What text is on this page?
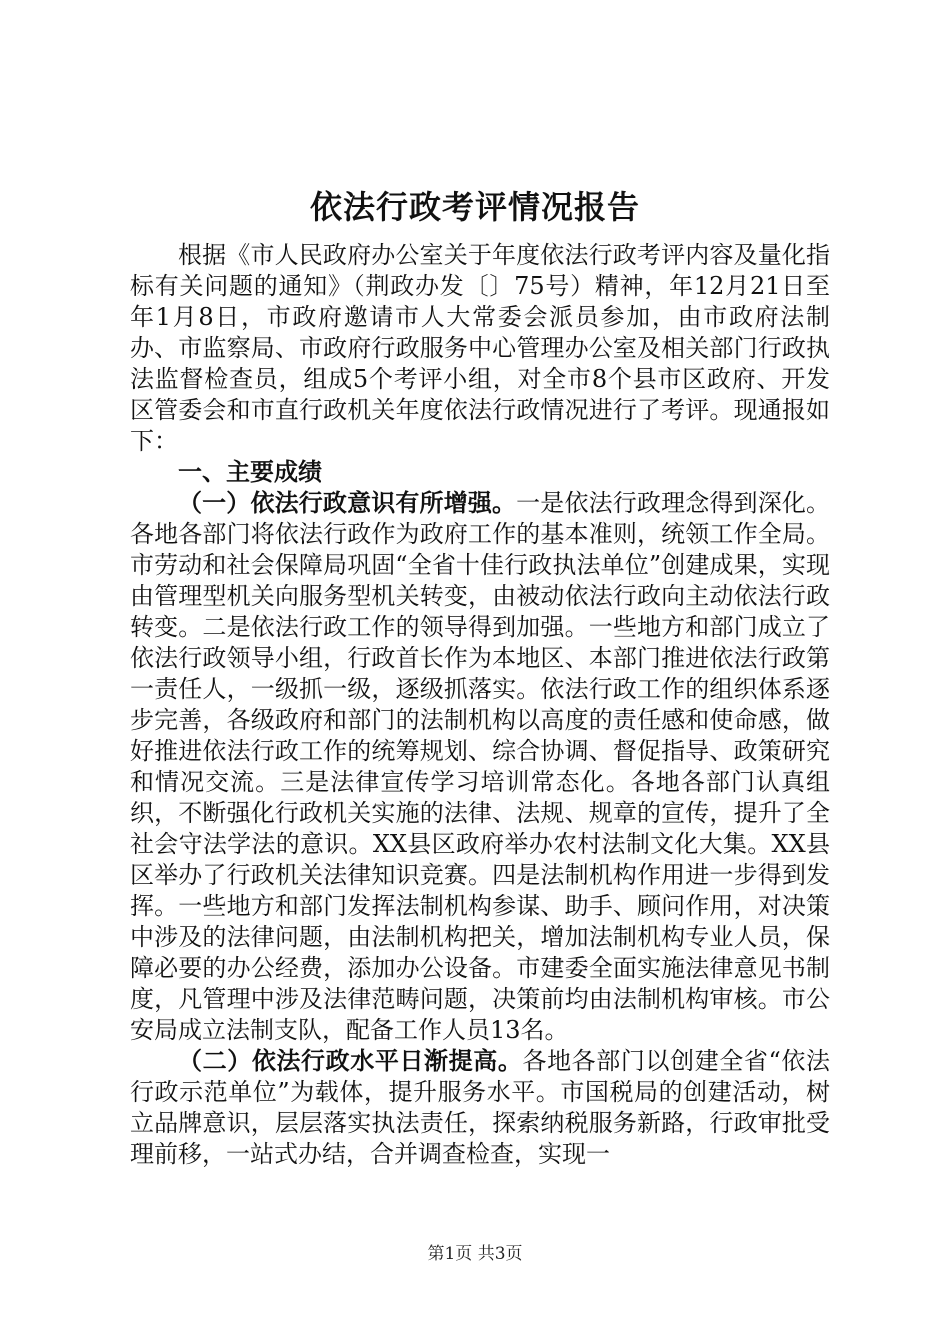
依法行政考评情况报告

根据《市人民政府办公室关于年度依法行政考评内容及量化指标有关问题的通知》（荆政办发〔〕75号）精神，年12月21日至年1月8日，市政府邀请市人大常委会派员参加，由市政府法制办、市监察局、市政府行政服务中心管理办公室及相关部门行政执法监督检查员，组成5个考评小组，对全市8个县市区政府、开发区管委会和市直行政机关年度依法行政情况进行了考评。现通报如下：

一、主要成绩

（一）依法行政意识有所增强。一是依法行政理念得到深化。各地各部门将依法行政作为政府工作的基本准则，统领工作全局。市劳动和社会保障局巩固“全省十佳行政执法单位”创建成果，实现由管理型机关向服务型机关转变，由被动依法行政向主动依法行政转变。二是依法行政工作的领导得到加强。一些地方和部门成立了依法行政领导小组，行政首长作为本地区、本部门推进依法行政第一责任人，一级抓一级，逐级抓落实。依法行政工作的组织体系逐步完善，各级政府和部门的法制机构以高度的责任感和使命感，做好推进依法行政工作的统筹规划、综合协调、督促指导、政策研究和情况交流。三是法律宣传学习培训常态化。各地各部门认真组织，不断强化行政机关实施的法律、法规、规章的宣传，提升了全社会守法学法的意识。XX县区政府举办农村法制文化大集。XX县区举办了行政机关法律知识竞赛。四是法制机构作用进一步得到发挥。一些地方和部门发挥法制机构参谋、助手、顾问作用，对决策中涉及的法律问题，由法制机构把关，增加法制机构专业人员，保障必要的办公经费，添加办公设备。市建委全面实施法律意见书制度，凡管理中涉及法律范畴问题，决策前均由法制机构审核。市公安局成立法制支队，配备工作人员13名。

（二）依法行政水平日渐提高。各地各部门以创建全省“依法行政示范单位”为载体，提升服务水平。市国税局的创建活动，树立品牌意识，层层落实执法责任，探索纳税服务新路，行政审批受理前移，一站式办结，合并调查检查，实现一

第1页 共3页
